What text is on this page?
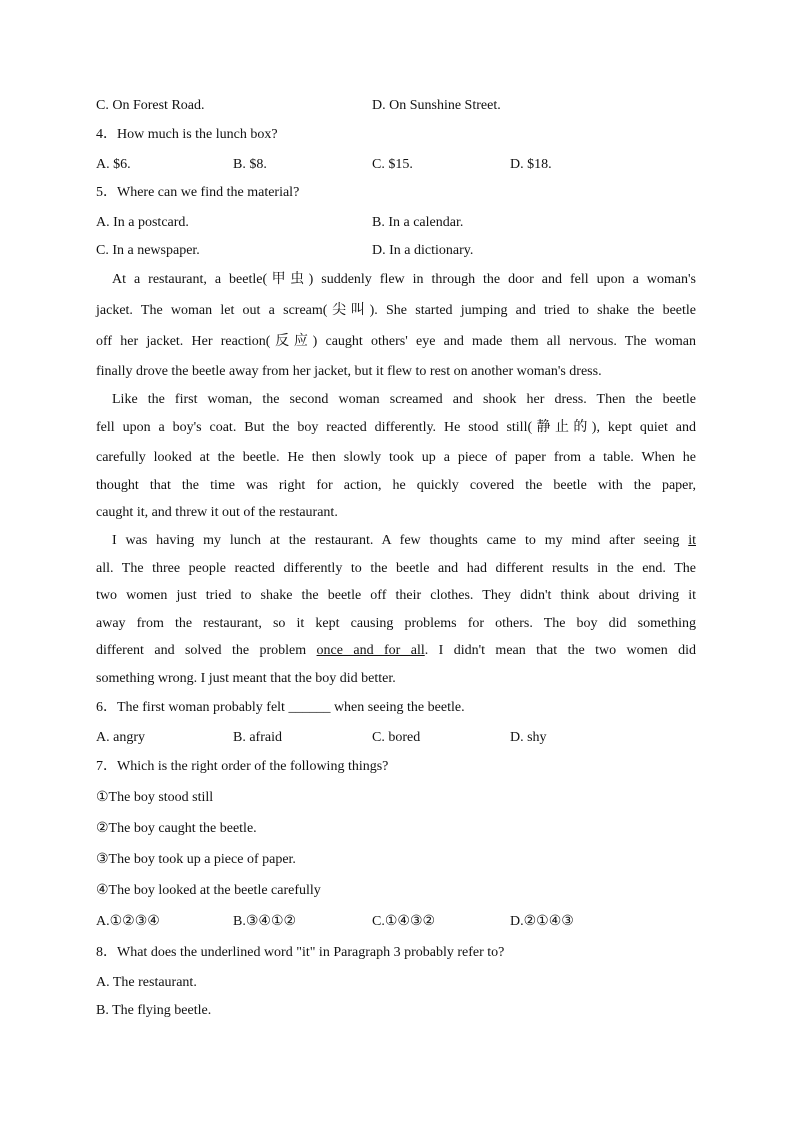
C. On Forest Road.	D. On Sunshine Street.
4．How much is the lunch box?
A. $6.	B. $8.	C. $15.	D. $18.
5．Where can we find the material?
A. In a postcard.	B. In a calendar.
C. In a newspaper.	D. In a dictionary.
At a restaurant, a beetle(甲虫) suddenly flew in through the door and fell upon a woman's
jacket. The woman let out a scream(尖叫). She started jumping and tried to shake the beetle
off her jacket. Her reaction(反应) caught others' eye and made them all nervous. The woman
finally drove the beetle away from her jacket, but it flew to rest on another woman's dress.
Like the first woman, the second woman screamed and shook her dress. Then the beetle
fell upon a boy's coat. But the boy reacted differently. He stood still(静止的), kept quiet and
carefully looked at the beetle. He then slowly took up a piece of paper from a table. When he
thought that the time was right for action, he quickly covered the beetle with the paper,
caught it, and threw it out of the restaurant.
I was having my lunch at the restaurant. A few thoughts came to my mind after seeing it
all. The three people reacted differently to the beetle and had different results in the end. The
two women just tried to shake the beetle off their clothes. They didn't think about driving it
away from the restaurant, so it kept causing problems for others. The boy did something
different and solved the problem once and for all. I didn't mean that the two women did
something wrong. I just meant that the boy did better.
6．The first woman probably felt ______ when seeing the beetle.
A. angry	B. afraid	C. bored	D. shy
7．Which is the right order of the following things?
①The boy stood still
②The boy caught the beetle.
③The boy took up a piece of paper.
④The boy looked at the beetle carefully
A.①②③④	B.③④①②	C.①④③②	D.②①④③
8．What does the underlined word "it" in Paragraph 3 probably refer to?
A. The restaurant.
B. The flying beetle.
